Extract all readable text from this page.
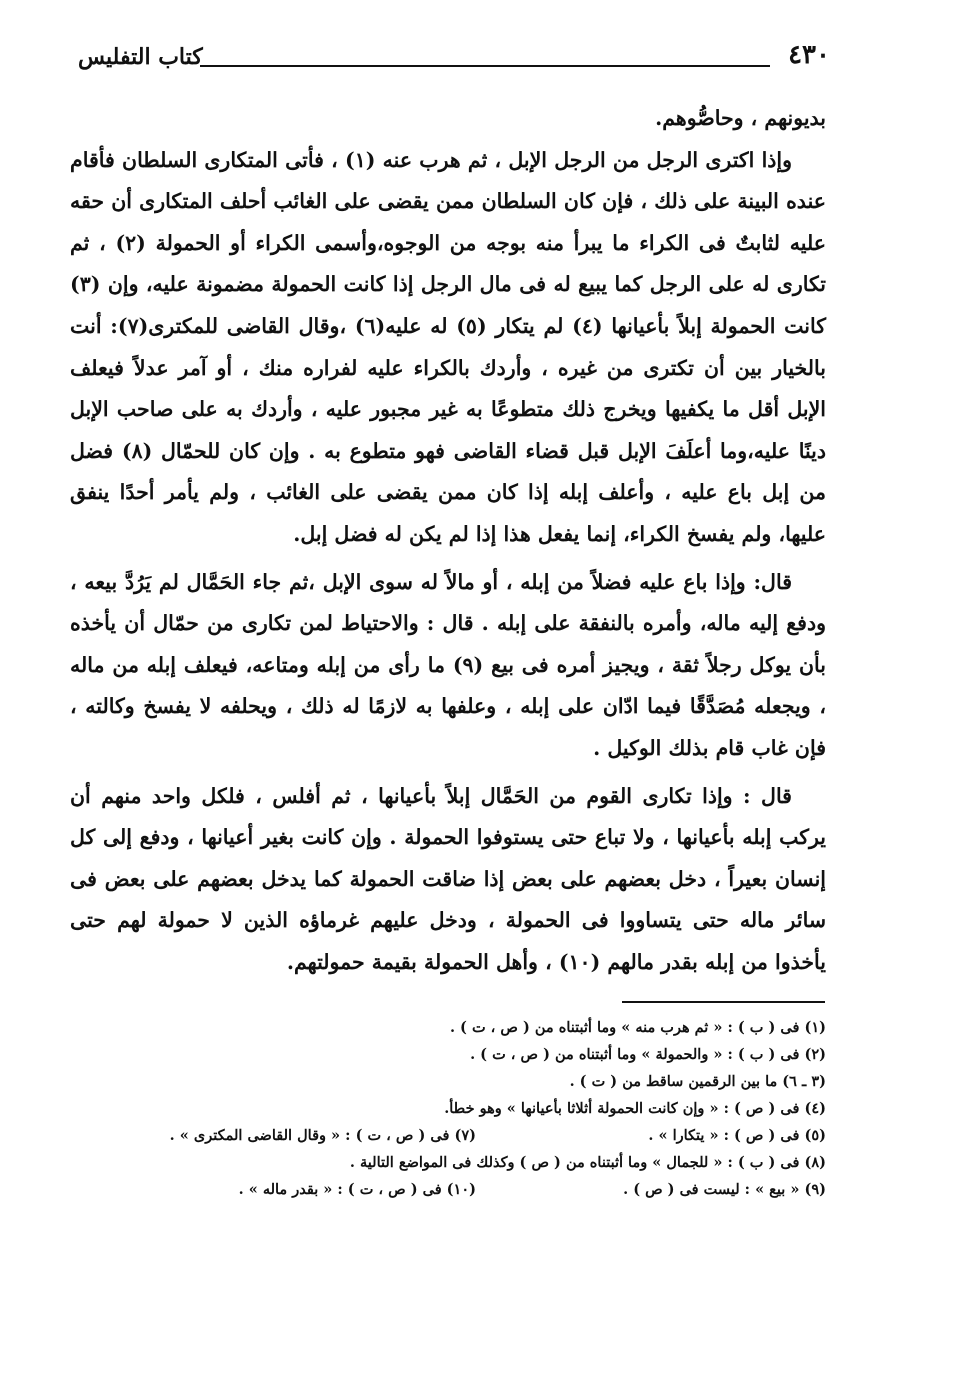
كتاب التفليس	٤٣٠

بديونهم ، وحاصُّوهم.

وإذا اكترى الرجل من الرجل الإبل ، ثم هرب عنه (١) ، فأتى المتكارى السلطان فأقام عنده البينة على ذلك ، فإن كان السلطان ممن يقضى على الغائب أحلف المتكارى أن حقه عليه لثابتٌ فى الكراء ما يبرأ منه بوجه من الوجوه،وأسمى الكراء أو الحمولة (٢) ، ثم تكارى له على الرجل كما يبيع له فى مال الرجل إذا كانت الحمولة مضمونة عليه، وإن (٣) كانت الحمولة إبلاً بأعيانها (٤) لم يتكار (٥) له عليه(٦) ،وقال القاضى للمكترى(٧): أنت بالخيار بين أن تكترى من غيره ، وأردك بالكراء عليه لفراره منك ، أو آمر عدلاً فيعلف الإبل أقل ما يكفيها ويخرج ذلك متطوعًا به غير مجبور عليه ، وأردك به على صاحب الإبل دينًا عليه،وما أعلَفَ الإبل قبل قضاء القاضى فهو متطوع به . وإن كان للحمّال (٨) فضل من إبل باع عليه ، وأعلف إبله إذا كان ممن يقضى على الغائب ، ولم يأمر أحدًا ينفق عليها، ولم يفسخ الكراء، إنما يفعل هذا إذا لم يكن له فضل إبل.

قال: وإذا باع عليه فضلاً من إبله ، أو مالاً له سوى الإبل ،ثم جاء الحَمَّال لم يَرُدَّ بيعه ، ودفع إليه ماله، وأمره بالنفقة على إبله . قال : والاحتياط لمن تكارى من حمّال أن يأخذه بأن يوكل رجلاً ثقة ، ويجيز أمره فى بيع (٩) ما رأى من إبله ومتاعه، فيعلف إبله من ماله ، ويجعله مُصَدَّقًا فيما ادّان على إبله ، وعلفها به لازمًا له ذلك ، ويحلفه لا يفسخ وكالته ، فإن غاب قام بذلك الوكيل .

قال : وإذا تكارى القوم من الحَمَّال إبلاً بأعيانها ، ثم أفلس ، فلكل واحد منهم أن يركب إبله بأعيانها ، ولا تباع حتى يستوفوا الحمولة . وإن كانت بغير أعيانها ، ودفع إلى كل إنسان بعيراً ، دخل بعضهم على بعض إذا ضاقت الحمولة كما يدخل بعضهم على بعض فى سائر ماله حتى يتساووا فى الحمولة ، ودخل عليهم غرماؤه الذين لا حمولة لهم حتى يأخذوا من إبله بقدر مالهم (١٠) ، وأهل الحمولة بقيمة حمولتهم.

(١) فى ( ب ) : « ثم هرب منه » وما أثبتناه من ( ص ، ت ) .
(٢) فى ( ب ) : « والحمولة » وما أثبتناه من ( ص ، ت ) .
(٣ ـ ٦) ما بين الرقمين ساقط من ( ت ) .
(٤) فى ( ص ) : « وإن كانت الحمولة أثلاثا بأعيانها » وهو خطأ.
(٥) فى ( ص ) : « يتكارا » .
(٧) فى ( ص ، ت ) : « وقال القاضى المكترى » .
(٨) فى ( ب ) : « للجمال » وما أثبتناه من ( ص ) وكذلك فى المواضع التالية .
(٩) « بيع » : ليست فى ( ص ) .
(١٠) فى ( ص ، ت ) : « بقدر ماله » .
